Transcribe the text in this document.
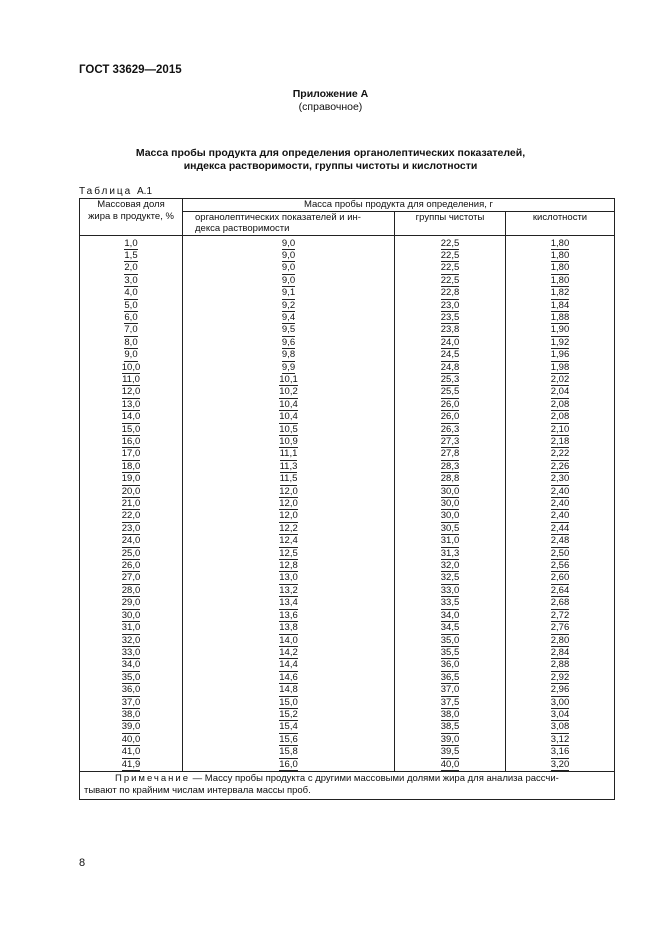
ГОСТ 33629—2015
Приложение А
(справочное)
Масса пробы продукта для определения органолептических показателей,
индекса растворимости, группы чистоты и кислотности
Таблица А.1
Массовая доля
жира в продукте, %	Масса пробы продукта для определения, г		

	органолептических показателей и ин-
декса растворимости	группы чистоты	кислотности
1,0	9,0	22,5	1,80
1,5	9,0	22,5	1,80
2,0	9,0	22,5	1,80
3,0	9,0	22,5	1,80
4,0	9,1	22,8	1,82
5,0	9,2	23,0	1,84
6,0	9,4	23,5	1,88
7,0	9,5	23,8	1,90
8,0	9,6	24,0	1,92
9,0	9,8	24,5	1,96
10,0	9,9	24,8	1,98
11,0	10,1	25,3	2,02
12,0	10,2	25,5	2,04
13,0	10,4	26,0	2,08
14,0	10,4	26,0	2,08
15,0	10,5	26,3	2,10
16,0	10,9	27,3	2,18
17,0	11,1	27,8	2,22
18,0	11,3	28,3	2,26
19,0	11,5	28,8	2,30
20,0	12,0	30,0	2,40
21,0	12,0	30,0	2,40
22,0	12,0	30,0	2,40
23,0	12,2	30,5	2,44
24,0	12,4	31,0	2,48
25,0	12,5	31,3	2,50
26,0	12,8	32,0	2,56
27,0	13,0	32,5	2,60
28,0	13,2	33,0	2,64
29,0	13,4	33,5	2,68
30,0	13,6	34,0	2,72
31,0	13,8	34,5	2,76
32,0	14,0	35,0	2,80
33,0	14,2	35,5	2,84
34,0	14,4	36,0	2,88
35,0	14,6	36,5	2,92
36,0	14,8	37,0	2,96
37,0	15,0	37,5	3,00
38,0	15,2	38,0	3,04
39,0	15,4	38,5	3,08
40,0	15,6	39,0	3,12
41,0	15,8	39,5	3,16
41,9	16,0	40,0	3,20
Примечание — Массу пробы продукта с другими массовыми долями жира для анализа рассчи-
тывают по крайним числам интервала массы проб.			
8
